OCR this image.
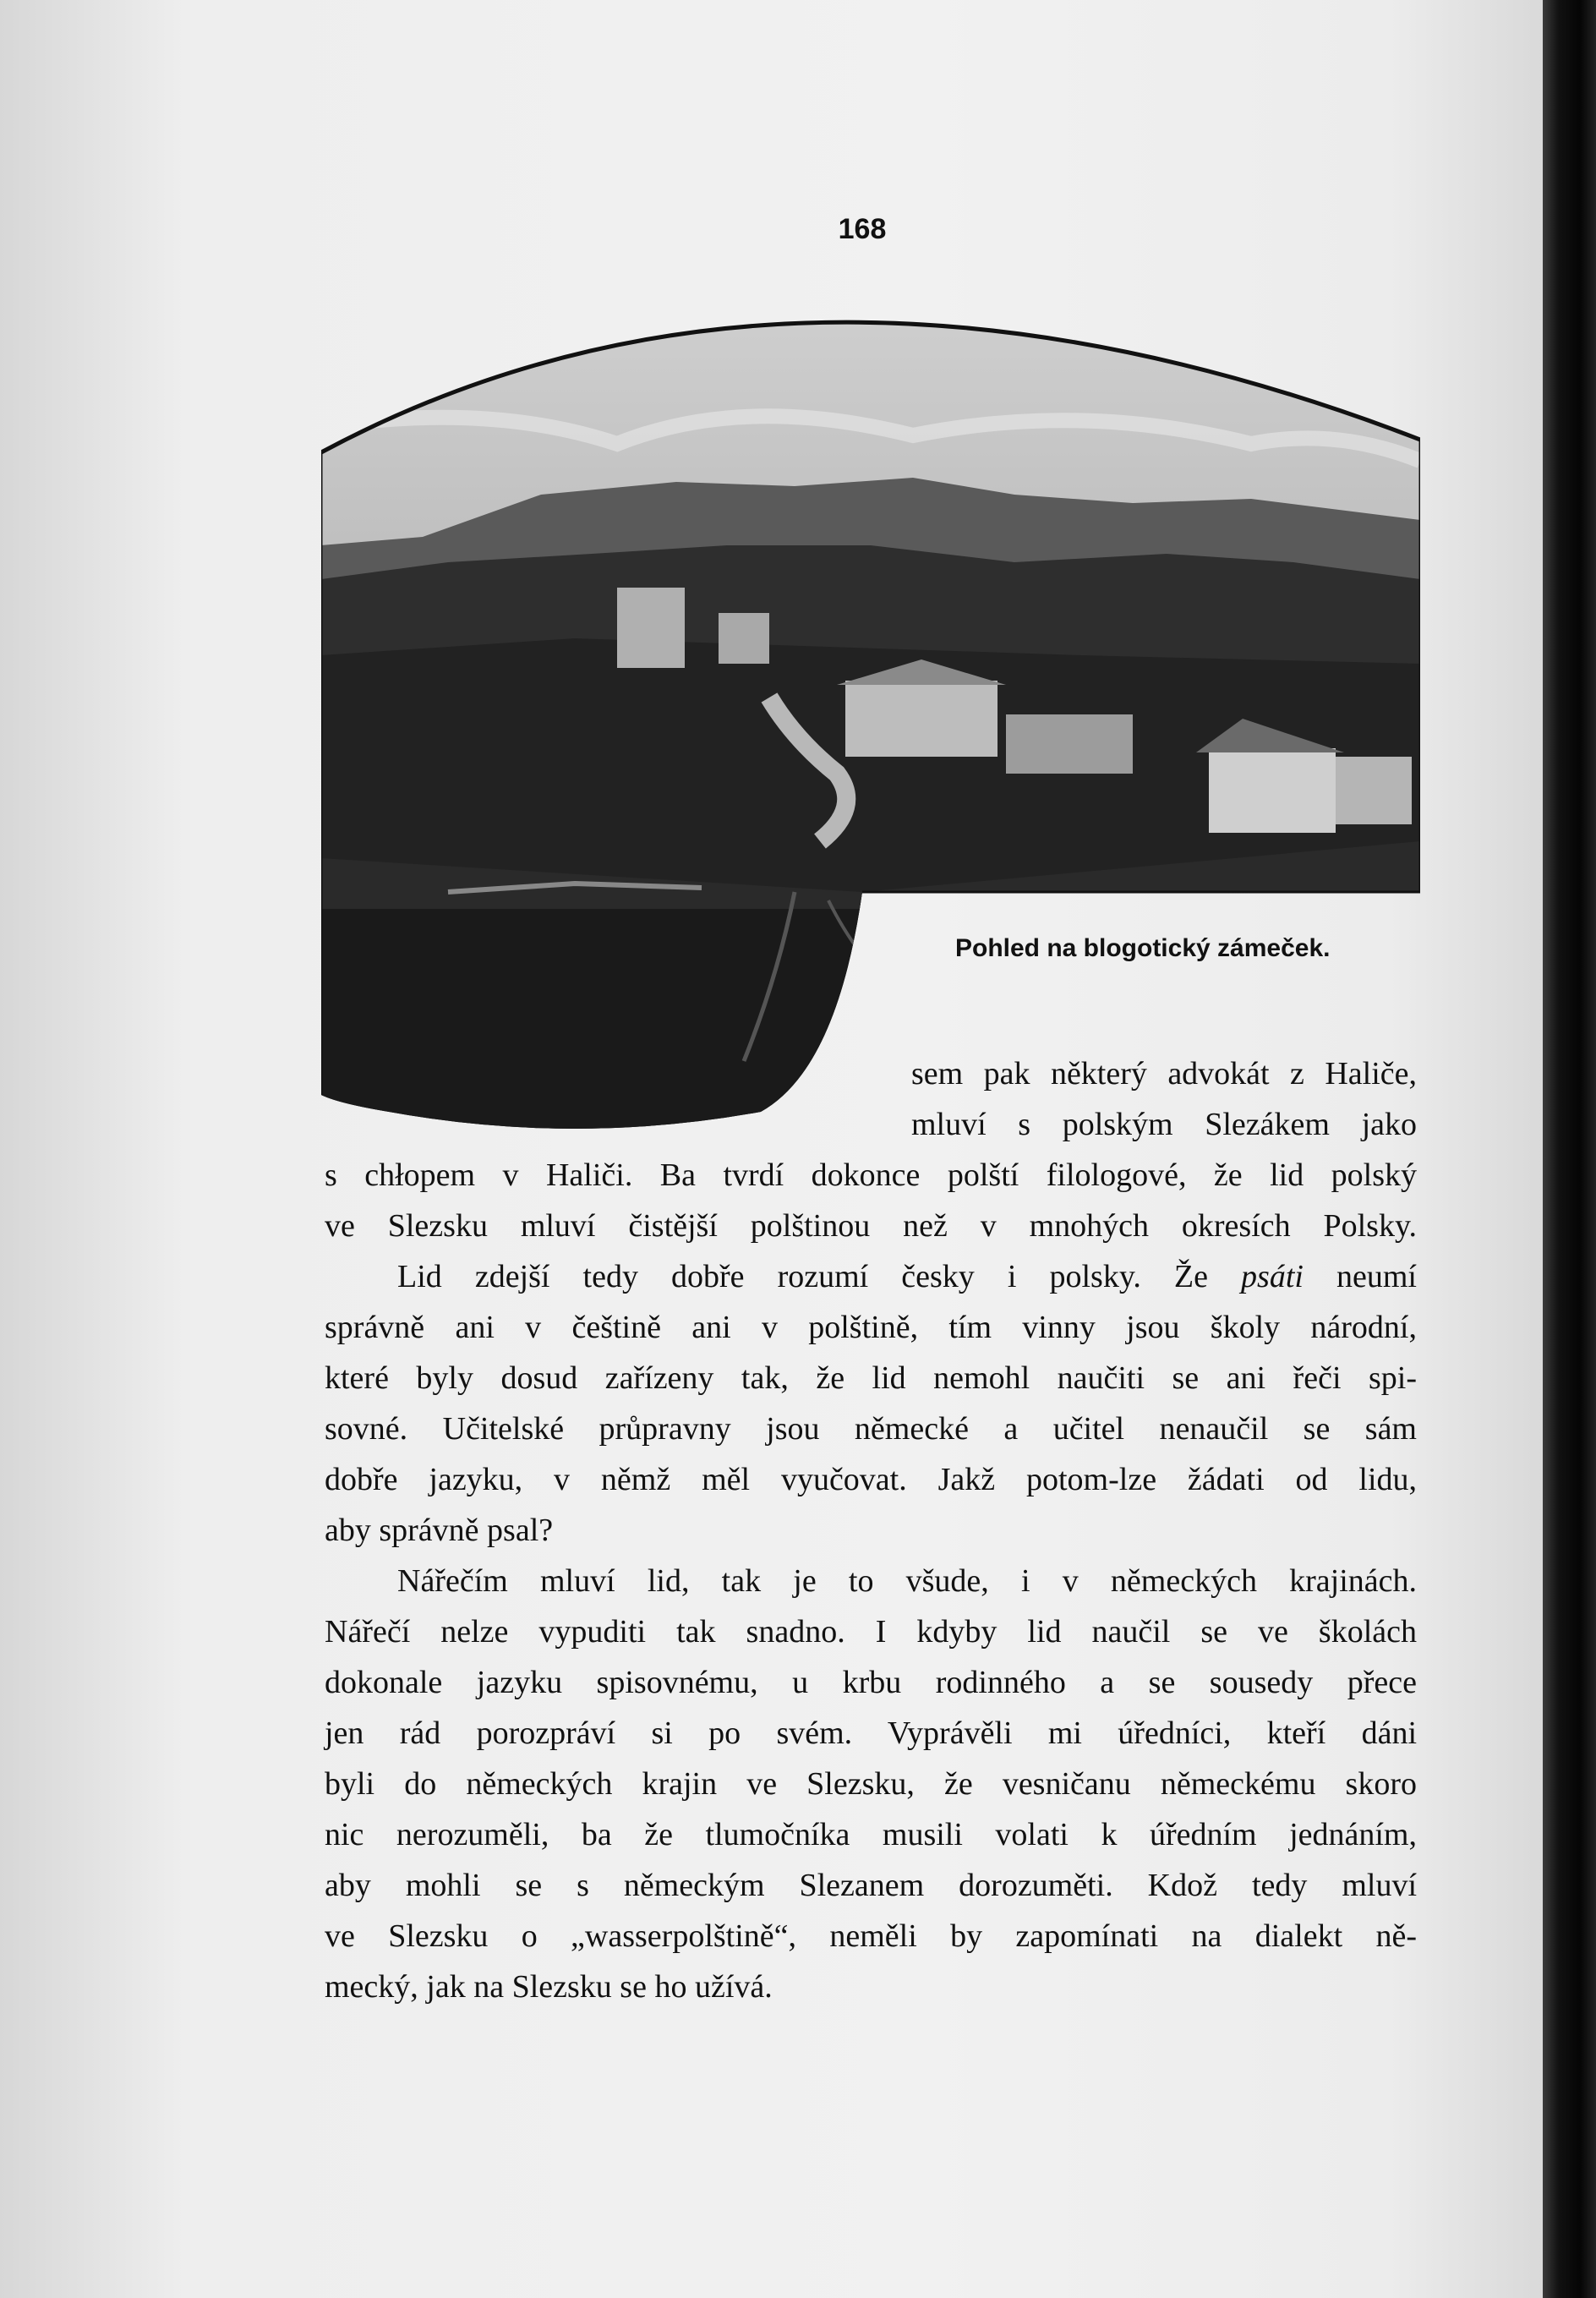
168
Pohled na blogotický zámeček.
sem pak některý advokát z Haliče,
mluví s polským Slezákem jako
s chłopem v Haliči. Ba tvrdí dokonce polští filologové, že lid polský
ve Slezsku mluví čistější polštinou než v mnohých okresích Polsky.
Lid zdejší tedy dobře rozumí česky i polsky. Že psáti neumí
správně ani v češtině ani v polštině, tím vinny jsou školy národní,
které byly dosud zařízeny tak, že lid nemohl naučiti se ani řeči spi-
sovné. Učitelské průpravny jsou německé a učitel nenaučil se sám
dobře jazyku, v němž měl vyučovat. Jakž potom-lze žádati od lidu,
aby správně psal?
Nářečím mluví lid, tak je to všude, i v německých krajinách.
Nářečí nelze vypuditi tak snadno. I kdyby lid naučil se ve školách
dokonale jazyku spisovnému, u krbu rodinného a se sousedy přece
jen rád porozpráví si po svém. Vyprávěli mi úředníci, kteří dáni
byli do německých krajin ve Slezsku, že vesničanu německému skoro
nic nerozuměli, ba že tlumočníka musili volati k úředním jednáním,
aby mohli se s německým Slezanem dorozuměti. Kdož tedy mluví
ve Slezsku o „wasserpolštině“, neměli by zapomínati na dialekt ně-
mecký, jak na Slezsku se ho užívá.
